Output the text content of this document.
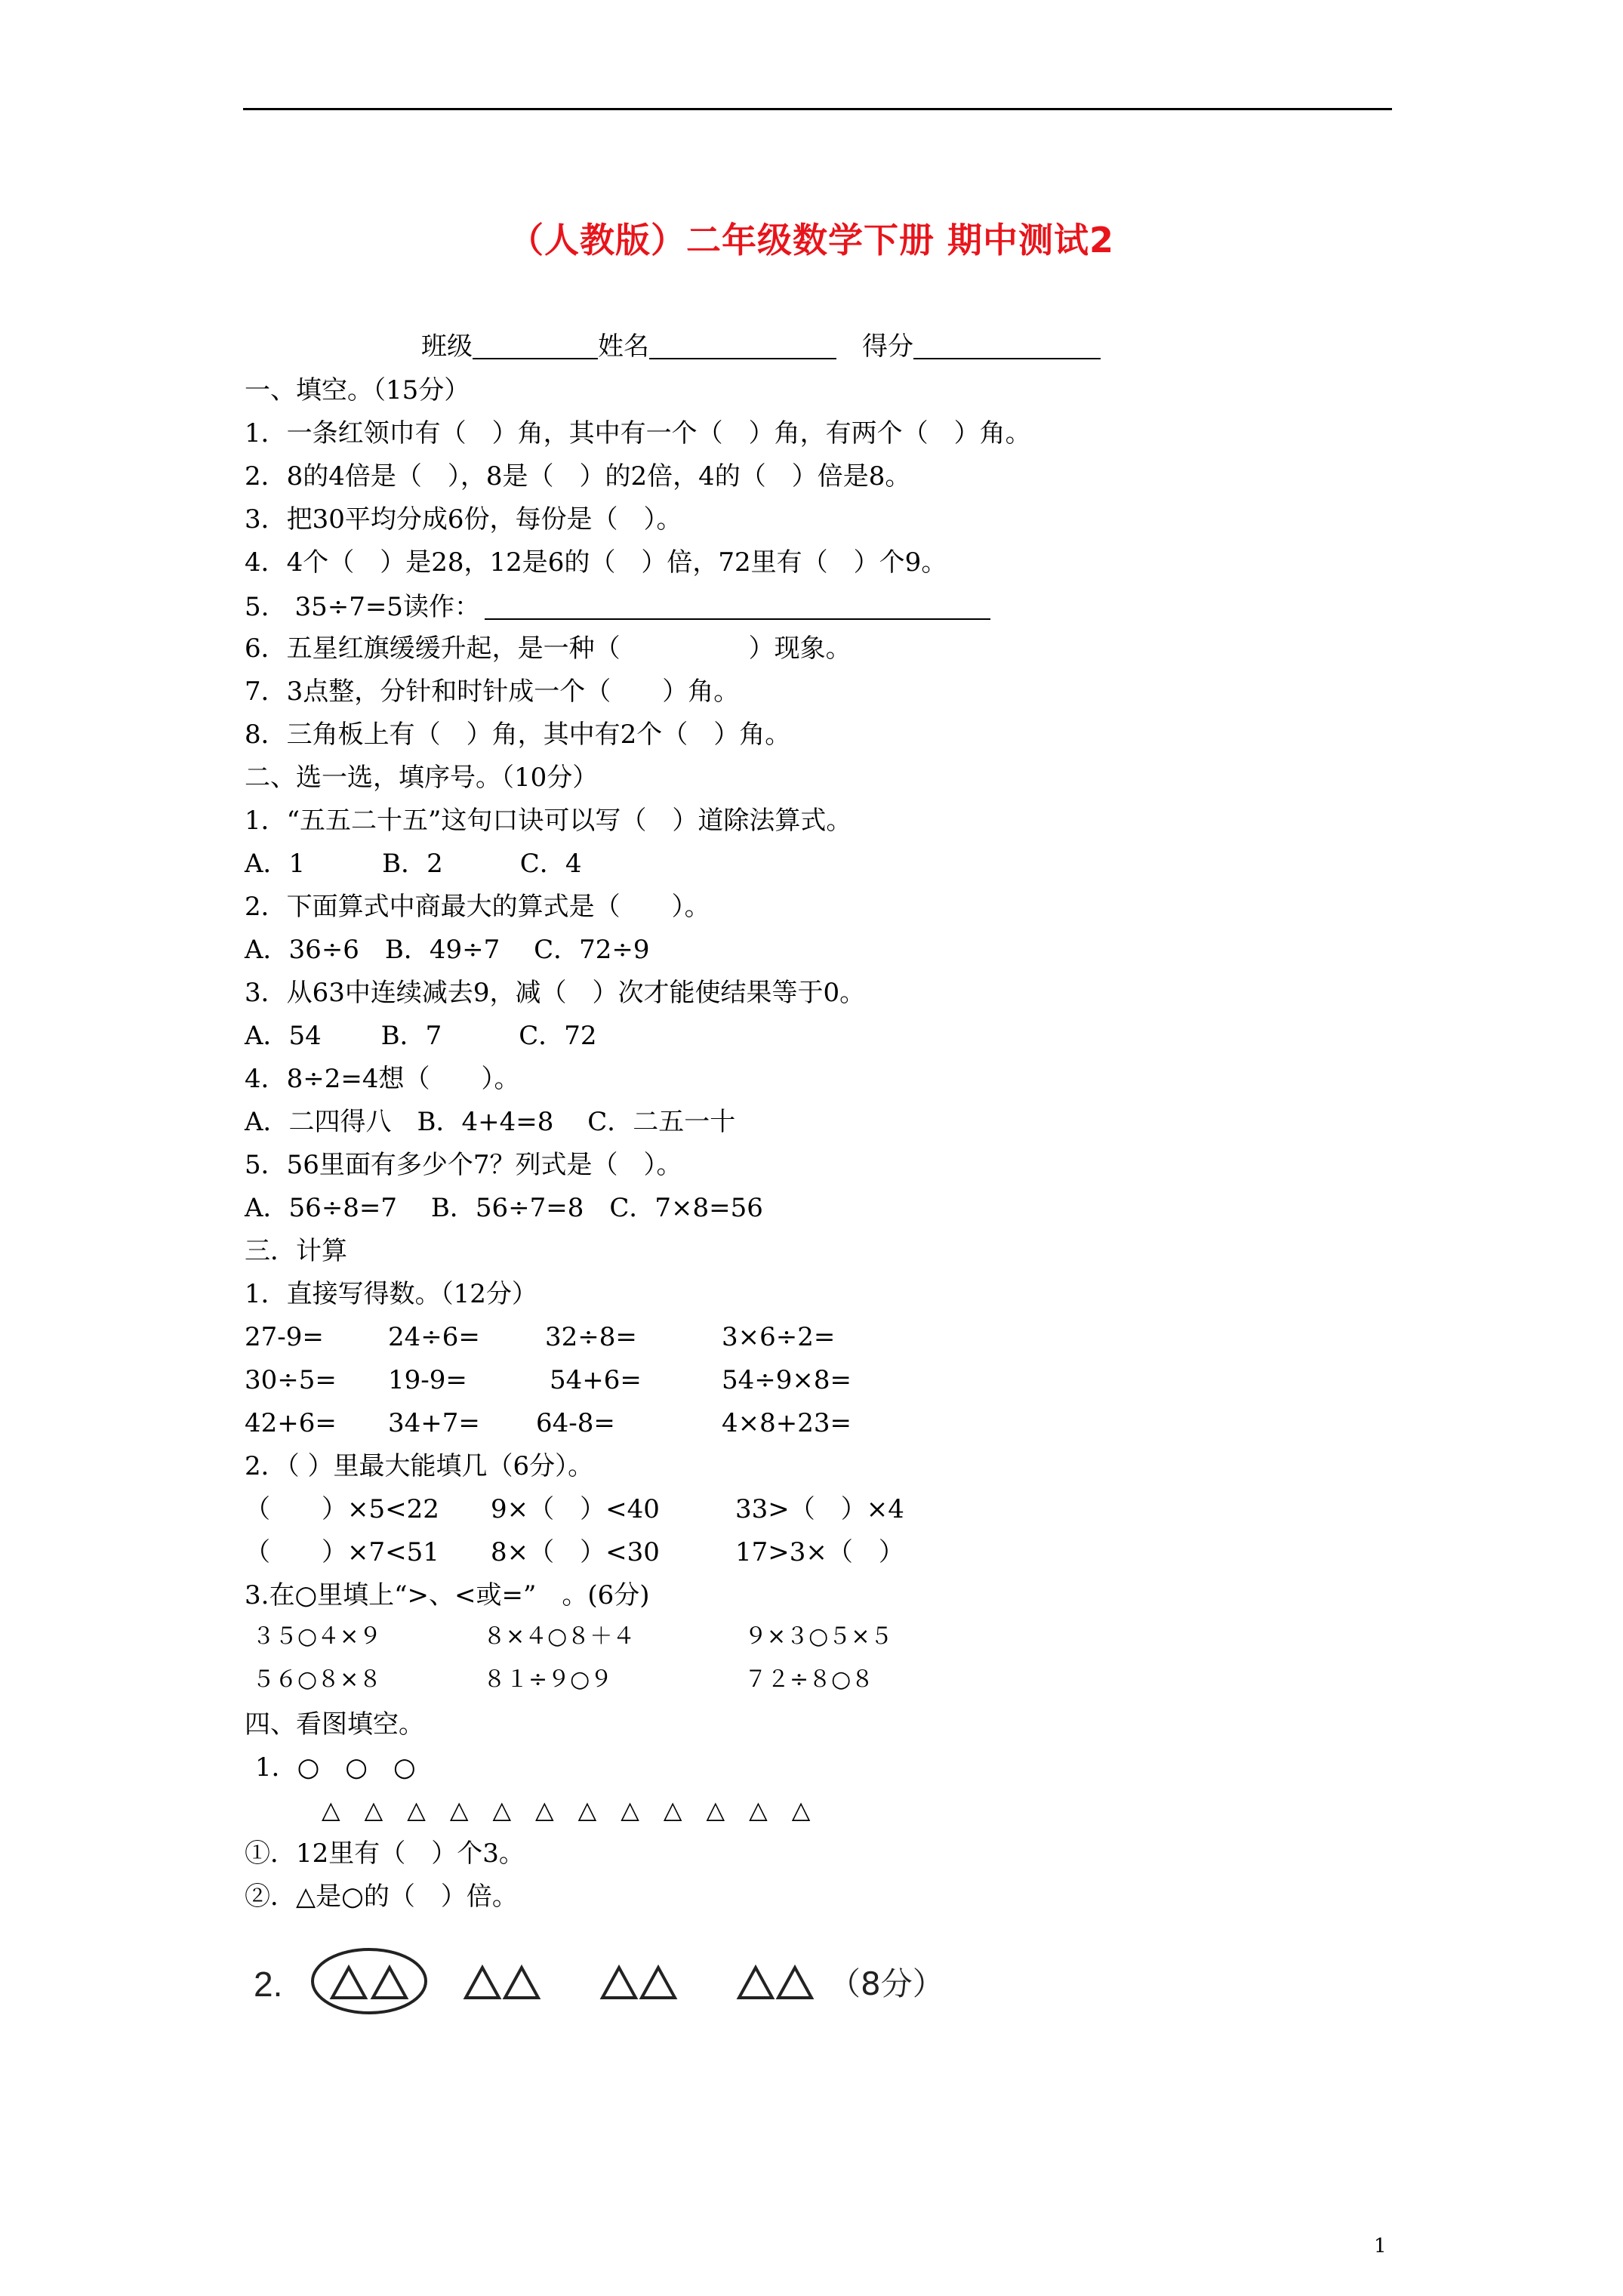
（人教版）二年级数学下册 期中测试2
班级	姓名　	得分
一、填空。（15分）
1．一条红领巾有（　）角，其中有一个（　）角，有两个（　）角。
2．8的4倍是（　），8是（　）的2倍，4的（　）倍是8。
3．把30平均分成6份，每份是（　）。
4．4个（　）是28，12是6的（　）倍，72里有（　）个9。
5.　35÷7=5读作：
6．五星红旗缓缓升起，是一种（　　　　　）现象。
7．3点整，分针和时针成一个（　　）角。
8．三角板上有（　）角，其中有2个（　）角。
二、选一选，填序号。（10分）
1．“五五二十五”这句口诀可以写（　）道除法算式。
A．1　　　B．2　　　C．4
2．下面算式中商最大的算式是（　　）。
A．36÷6　B．49÷7　 C．72÷9
3．从63中连续减去9，减（　）次才能使结果等于0。
A．54　　 B．7　　　C．72
4．8÷2=4想（　　）。
A．二四得八　B．4+4=8　 C．二五一十
5．56里面有多少个7？列式是（　）。
A．56÷8=7　 B．56÷7=8　C．7×8=56
三．计算
1．直接写得数。（12分）
27-9=	24÷6=	32÷8=	3×6÷2=
30÷5= 19-9=	54+6=	54÷9×8=
42+6= 34+7= 64-8=	4×8+23=
2．（ ）里最大能填几（6分）。
（　　）×5<22 9×（　）<40	33>（　）×4
（　　）×7<51 8×（　）<30	17>3×（　）
3.在○里填上“>、<或=”　。(6分)
３５○４×９	８×４○８＋４	９×３○５×５
５６○８×８	８１÷９○９	７２÷８○８
四、看图填空。
1．○　○　○
△　△　△　△　△　△　△　△　△　△　△　△
①．12里有（　）个3。
②．△是○的（　）倍。
2.	（8分）
1
